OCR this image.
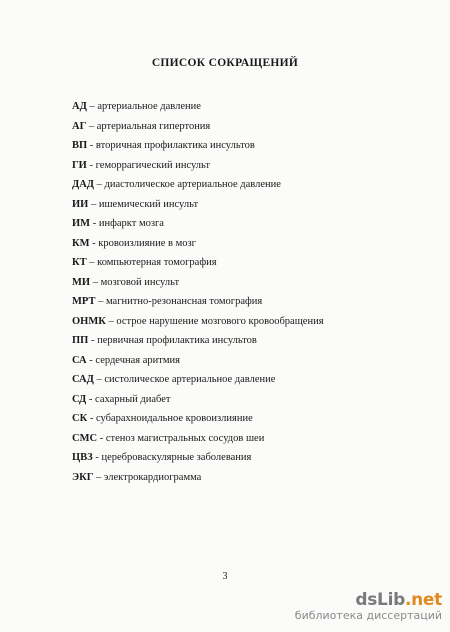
СПИСОК СОКРАЩЕНИЙ
АД – артериальное давление
АГ – артериальная гипертония
ВП - вторичная профилактика инсультов
ГИ - геморрагический инсульт
ДАД – диастолическое артериальное давление
ИИ – ишемический инсульт
ИМ - инфаркт мозга
КМ - кровоизлияние в мозг
КТ – компьютерная томография
МИ – мозговой инсульт
МРТ – магнитно-резонансная томография
ОНМК – острое нарушение мозгового кровообращения
ПП - первичная профилактика инсультов
СА - сердечная аритмия
САД – систолическое артериальное давление
СД - сахарный диабет
СК - субарахноидальное кровоизлияние
СМС - стеноз магистральных сосудов шеи
ЦВЗ - цереброваскулярные заболевания
ЭКГ – электрокардиограмма
3
dsLib.net
библиотека диссертаций
